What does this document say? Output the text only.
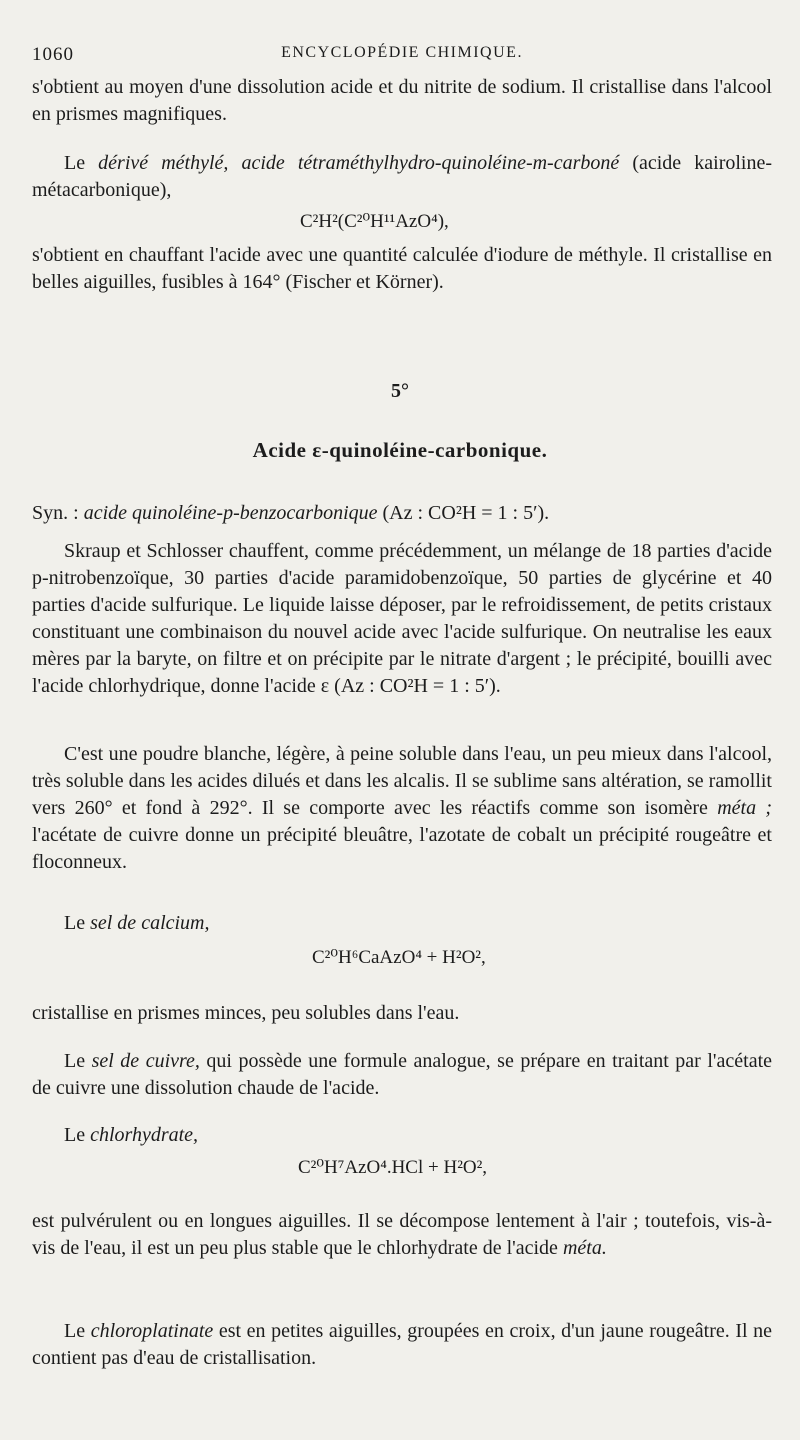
1060	ENCYCLOPÉDIE CHIMIQUE.
s'obtient au moyen d'une dissolution acide et du nitrite de sodium. Il cristallise dans l'alcool en prismes magnifiques.
Le dérivé méthylé, acide tétraméthylhydro-quinoléine-m-carboné (acide kairoline-métacarbonique),
C²H²(C²⁰H¹¹AzO⁴),
s'obtient en chauffant l'acide avec une quantité calculée d'iodure de méthyle. Il cristallise en belles aiguilles, fusibles à 164° (Fischer et Körner).
5°
Acide ε-quinoléine-carbonique.
Syn. : acide quinoléine-p-benzocarbonique (Az : CO²H = 1 : 5′).
Skraup et Schlosser chauffent, comme précédemment, un mélange de 18 parties d'acide p-nitrobenzoïque, 30 parties d'acide paramidobenzoïque, 50 parties de glycérine et 40 parties d'acide sulfurique. Le liquide laisse déposer, par le refroidissement, de petits cristaux constituant une combinaison du nouvel acide avec l'acide sulfurique. On neutralise les eaux mères par la baryte, on filtre et on précipite par le nitrate d'argent ; le précipité, bouilli avec l'acide chlorhydrique, donne l'acide ε (Az : CO²H = 1 : 5′).
C'est une poudre blanche, légère, à peine soluble dans l'eau, un peu mieux dans l'alcool, très soluble dans les acides dilués et dans les alcalis. Il se sublime sans altération, se ramollit vers 260° et fond à 292°. Il se comporte avec les réactifs comme son isomère méta ; l'acétate de cuivre donne un précipité bleuâtre, l'azotate de cobalt un précipité rougeâtre et floconneux.
Le sel de calcium,
C²⁰H⁶CaAzO⁴ + H²O²,
cristallise en prismes minces, peu solubles dans l'eau.
Le sel de cuivre, qui possède une formule analogue, se prépare en traitant par l'acétate de cuivre une dissolution chaude de l'acide.
Le chlorhydrate,
C²⁰H⁷AzO⁴.HCl + H²O²,
est pulvérulent ou en longues aiguilles. Il se décompose lentement à l'air ; toutefois, vis-à-vis de l'eau, il est un peu plus stable que le chlorhydrate de l'acide méta.
Le chloroplatinate est en petites aiguilles, groupées en croix, d'un jaune rougeâtre. Il ne contient pas d'eau de cristallisation.
